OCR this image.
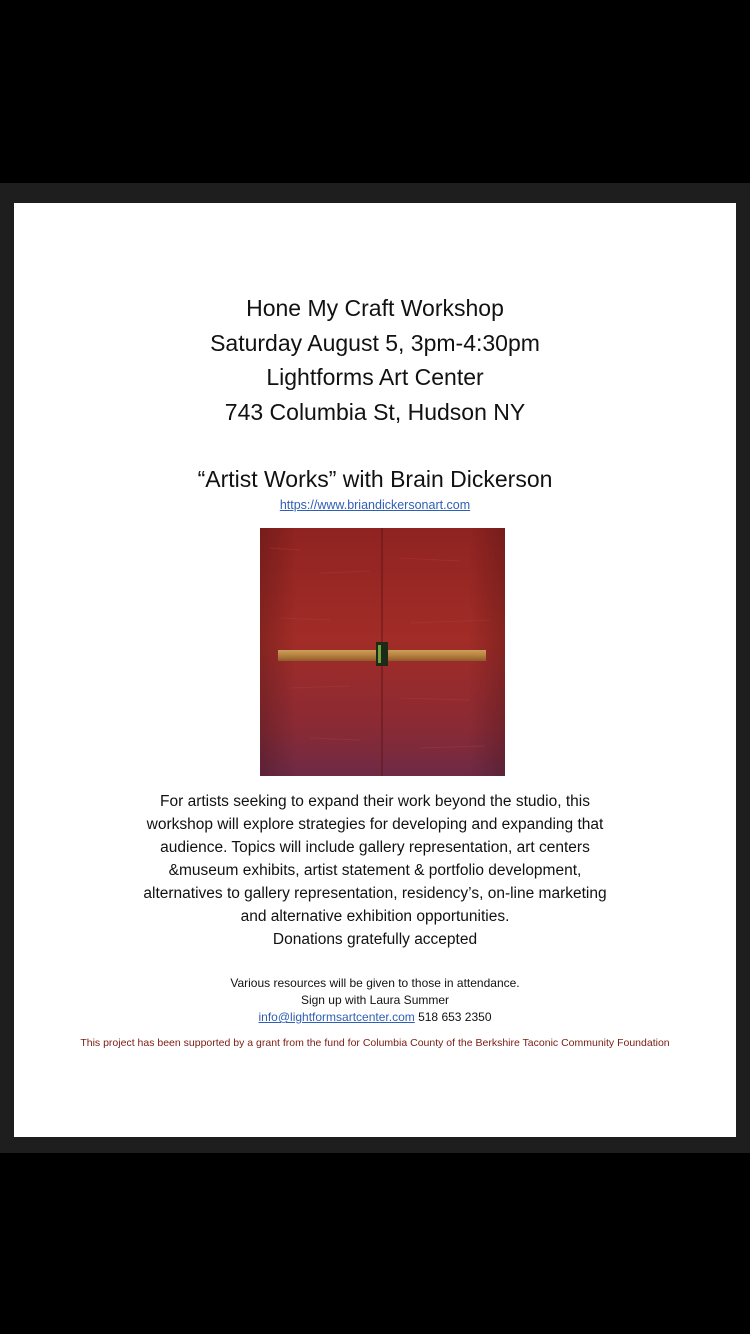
Hone My Craft Workshop
Saturday August 5, 3pm-4:30pm
Lightforms Art Center
743 Columbia St, Hudson NY
“Artist Works” with Brain Dickerson
https://www.briandickersonart.com
For artists seeking to expand their work beyond the studio, this
workshop will explore strategies for developing and expanding that
audience. Topics will include gallery representation, art centers
&museum exhibits, artist statement & portfolio development,
alternatives to gallery representation, residency’s, on-line marketing
and alternative exhibition opportunities.
Donations gratefully accepted
Various resources will be given to those in attendance.
Sign up with Laura Summer
info@lightformsartcenter.com 518 653 2350
This project has been supported by a grant from the fund for Columbia County of the Berkshire Taconic Community Foundation
